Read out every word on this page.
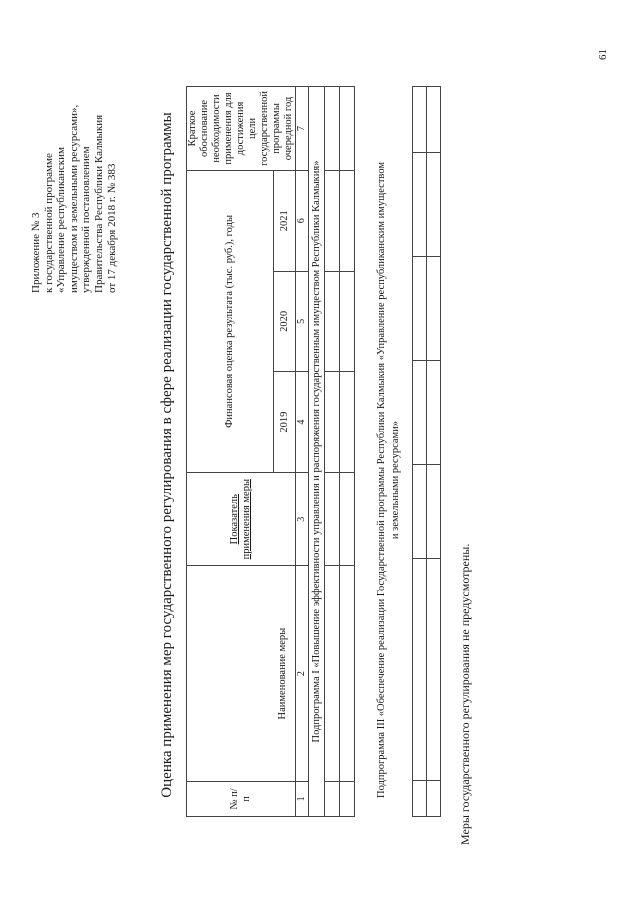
61
Приложение № 3 к государственной программе «Управление республиканским имуществом и земельными ресурсами», утвержденной постановлением Правительства Республики Калмыкия от 17 декабря 2018 г. № 383	Оценка применения мер государственного регулирования в сфере реализации государственной программы
№ п/п	Наименование меры	Показатель применения меры	Финансовая оценка результата (тыс. руб.), годы			Краткое обоснование необходимости применения для достижения цели государственной программы очередной год
			2019	2020	2021	
1	2	3	4	5	6	7
Подпрограмма I «Повышение эффективности управления и распоряжения государственным имуществом Республики Калмыкия»						

							Подпрограмма III «Обеспечение реализации Государственной программы Республики Калмыкия «Управление республиканским имуществом и земельными ресурсами»

Меры государственного регулирования не предусмотрены.
